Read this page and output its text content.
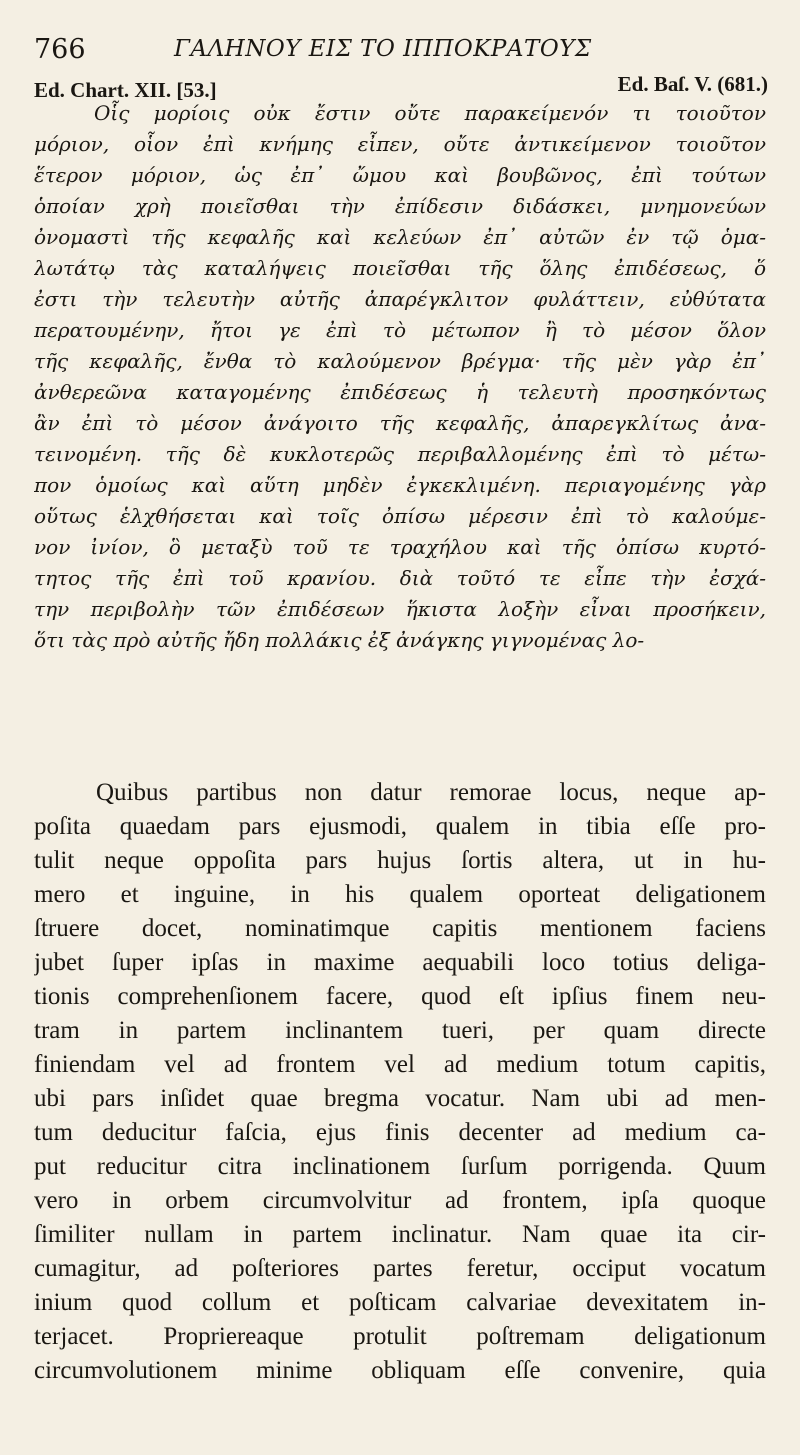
766	ΓΑΛΗΝΟΥ ΕΙΣ ΤΟ ΙΠΠΟΚΡΑΤΟΥΣ
Ed. Chart. XII. [53.]	Ed. Baſ. V. (681.)
Οἷς μορίοις οὐκ ἔστιν οὔτε παρακείμενόν τι τοιοῦτον
μόριον, οἷον ἐπὶ κνήμης εἶπεν, οὔτε ἀντικείμενον τοιοῦτον
ἕτερον μόριον, ὡς ἐπ᾽ ὤμου καὶ βουβῶνος, ἐπὶ τούτων
ὁποίαν χρὴ ποιεῖσθαι τὴν ἐπίδεσιν διδάσκει, μνημονεύων
ὀνομαστὶ τῆς κεφαλῆς καὶ κελεύων ἐπ᾽ αὐτῶν ἐν τῷ ὁμα-
λωτάτῳ τὰς καταλήψεις ποιεῖσθαι τῆς ὅλης ἐπιδέσεως, ὅ
ἐστι τὴν τελευτὴν αὐτῆς ἀπαρέγκλιτον φυλάττειν, εὐθύτατα
περατουμένην, ἤτοι γε ἐπὶ τὸ μέτωπον ἢ τὸ μέσον ὅλον
τῆς κεφαλῆς, ἔνθα τὸ καλούμενον βρέγμα· τῆς μὲν γὰρ ἐπ᾽
ἀνθερεῶνα καταγομένης ἐπιδέσεως ἡ τελευτὴ προσηκόντως
ἂν ἐπὶ τὸ μέσον ἀνάγοιτο τῆς κεφαλῆς, ἀπαρεγκλίτως ἀνα-
τεινομένη. τῆς δὲ κυκλοτερῶς περιβαλλομένης ἐπὶ τὸ μέτω-
πον ὁμοίως καὶ αὕτη μηδὲν ἐγκεκλιμένη. περιαγομένης γὰρ
οὕτως ἑλχθήσεται καὶ τοῖς ὀπίσω μέρεσιν ἐπὶ τὸ καλούμε-
νον ἰνίον, ὃ μεταξὺ τοῦ τε τραχήλου καὶ τῆς ὀπίσω κυρτό-
τητος τῆς ἐπὶ τοῦ κρανίου. διὰ τοῦτό τε εἶπε τὴν ἐσχά-
την περιβολὴν τῶν ἐπιδέσεων ἥκιστα λοξὴν εἶναι προσήκειν,
ὅτι τὰς πρὸ αὐτῆς ἤδη πολλάκις ἐξ ἀνάγκης γιγνομένας λο-
Quibus partibus non datur remorae locus, neque ap-
poſita quaedam pars ejusmodi, qualem in tibia eſſe pro-
tulit neque oppoſita pars hujus ſortis altera, ut in hu-
mero et inguine, in his qualem oporteat deligationem
ſtruere docet, nominatimque capitis mentionem faciens
jubet ſuper ipſas in maxime aequabili loco totius deliga-
tionis comprehenſionem facere, quod eſt ipſius finem neu-
tram in partem inclinantem tueri, per quam directe
finiendam vel ad frontem vel ad medium totum capitis,
ubi pars inſidet quae bregma vocatur. Nam ubi ad men-
tum deducitur faſcia, ejus finis decenter ad medium ca-
put reducitur citra inclinationem ſurſum porrigenda. Quum
vero in orbem circumvolvitur ad frontem, ipſa quoque
ſimiliter nullam in partem inclinatur. Nam quae ita cir-
cumagitur, ad poſteriores partes feretur, occiput vocatum
inium quod collum et poſticam calvariae devexitatem in-
terjacet. Propriereaque protulit poſtremam deligationum
circumvolutionem minime obliquam eſſe convenire, quia
